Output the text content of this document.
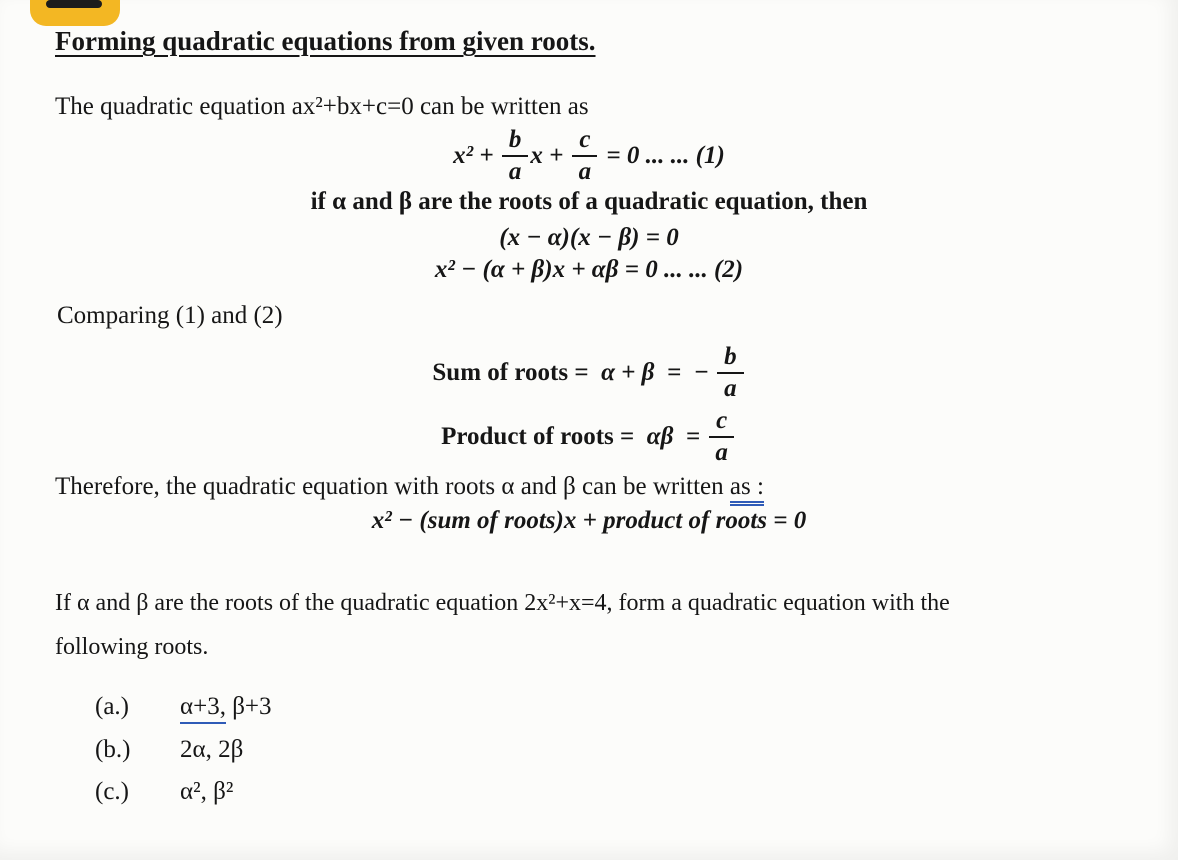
Forming quadratic equations from given roots.
The quadratic equation ax²+bx+c=0 can be written as
$x^2 + \frac{b}{a}$ $x + \frac{c}{a} = 0$ ... ... (1)
if α and β are the roots of a quadratic equation, then
(x − α)(x − β) = 0
x² − (α + β)x + αβ = 0 ... ... (2)
Comparing (1) and (2)
Sum of roots = α + β  =  − $\frac{b}{a}$
Product of roots = $\alpha\beta = \frac{c}{a}$
Therefore, the quadratic equation with roots α and β can be written as :
x² − (sum of roots)x + product of roots = 0
If α and β are the roots of the quadratic equation 2x²+x=4, form a quadratic equation with the
following roots.
(a.)	α+3, β+3
(b.)	2α, 2β
(c.)	α², β²
